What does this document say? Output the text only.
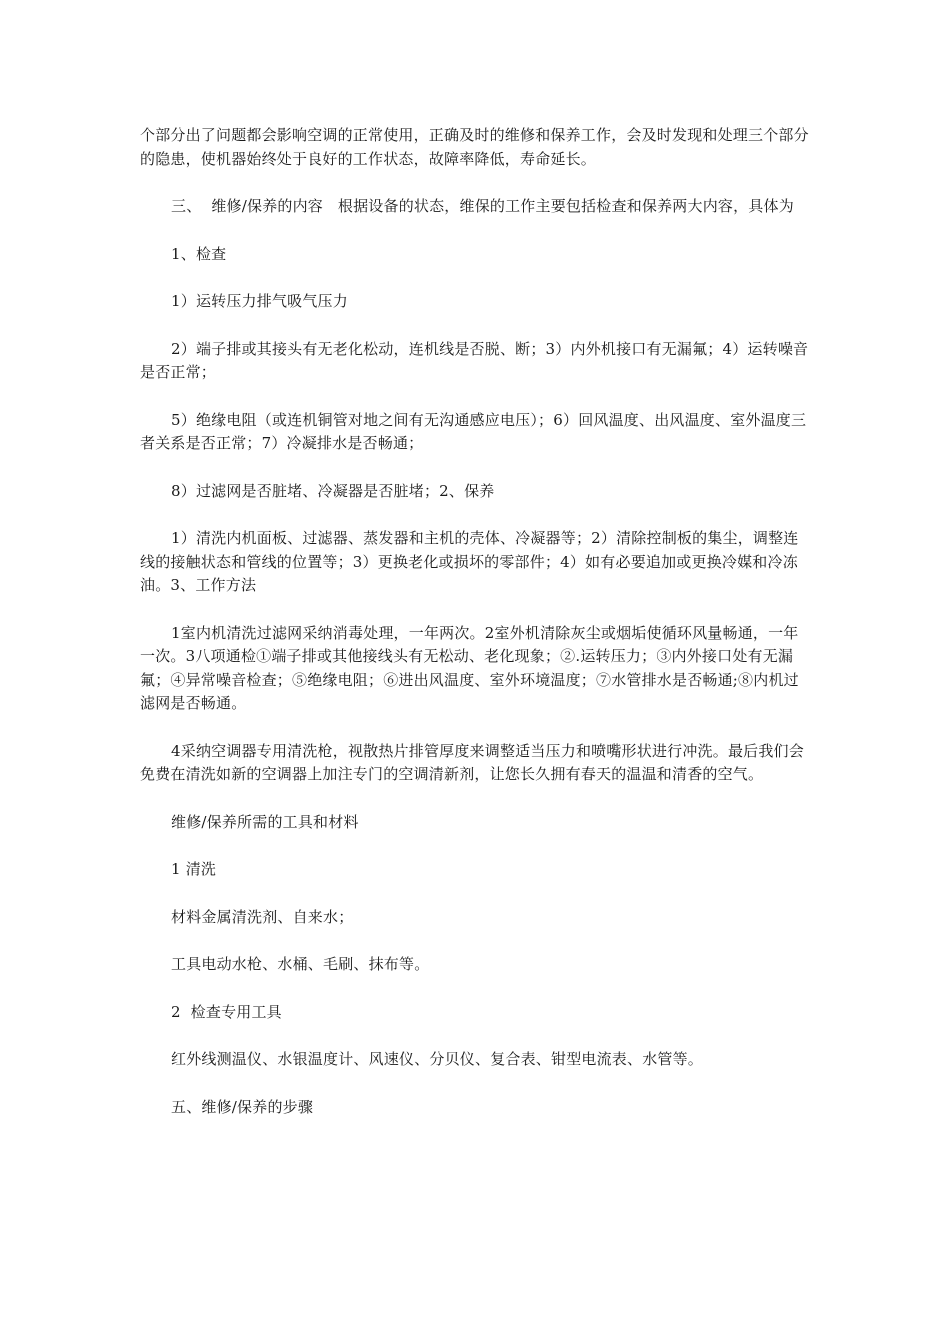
个部分出了问题都会影响空调的正常使用，正确及时的维修和保养工作，会及时发现和处理三个部分的隐患，使机器始终处于良好的工作状态，故障率降低，寿命延长。

三、  维修/保养的内容   根据设备的状态，维保的工作主要包括检查和保养两大内容，具体为

1、检查

1）运转压力排气吸气压力

2）端子排或其接头有无老化松动，连机线是否脱、断；3）内外机接口有无漏氟；4）运转噪音是否正常；

5）绝缘电阻（或连机铜管对地之间有无沟通感应电压）；6）回风温度、出风温度、室外温度三者关系是否正常；7）冷凝排水是否畅通；

8）过滤网是否脏堵、冷凝器是否脏堵；2、保养

1）清洗内机面板、过滤器、蒸发器和主机的壳体、冷凝器等；2）清除控制板的集尘，调整连线的接触状态和管线的位置等；3）更换老化或损坏的零部件；4）如有必要追加或更换冷媒和冷冻油。3、工作方法

1室内机清洗过滤网采纳消毒处理，一年两次。2室外机清除灰尘或烟垢使循环风量畅通，一年一次。3八项通检①端子排或其他接线头有无松动、老化现象；②.运转压力；③内外接口处有无漏氟；④异常噪音检查；⑤绝缘电阻；⑥进出风温度、室外环境温度；⑦水管排水是否畅通;⑧内机过滤网是否畅通。

4采纳空调器专用清洗枪，视散热片排管厚度来调整适当压力和喷嘴形状进行冲洗。最后我们会免费在清洗如新的空调器上加注专门的空调清新剂，让您长久拥有春天的温温和清香的空气。

维修/保养所需的工具和材料

1 清洗

材料金属清洗剂、自来水；

工具电动水枪、水桶、毛刷、抹布等。

2  检查专用工具

红外线测温仪、水银温度计、风速仪、分贝仪、复合表、钳型电流表、水管等。

五、维修/保养的步骤
